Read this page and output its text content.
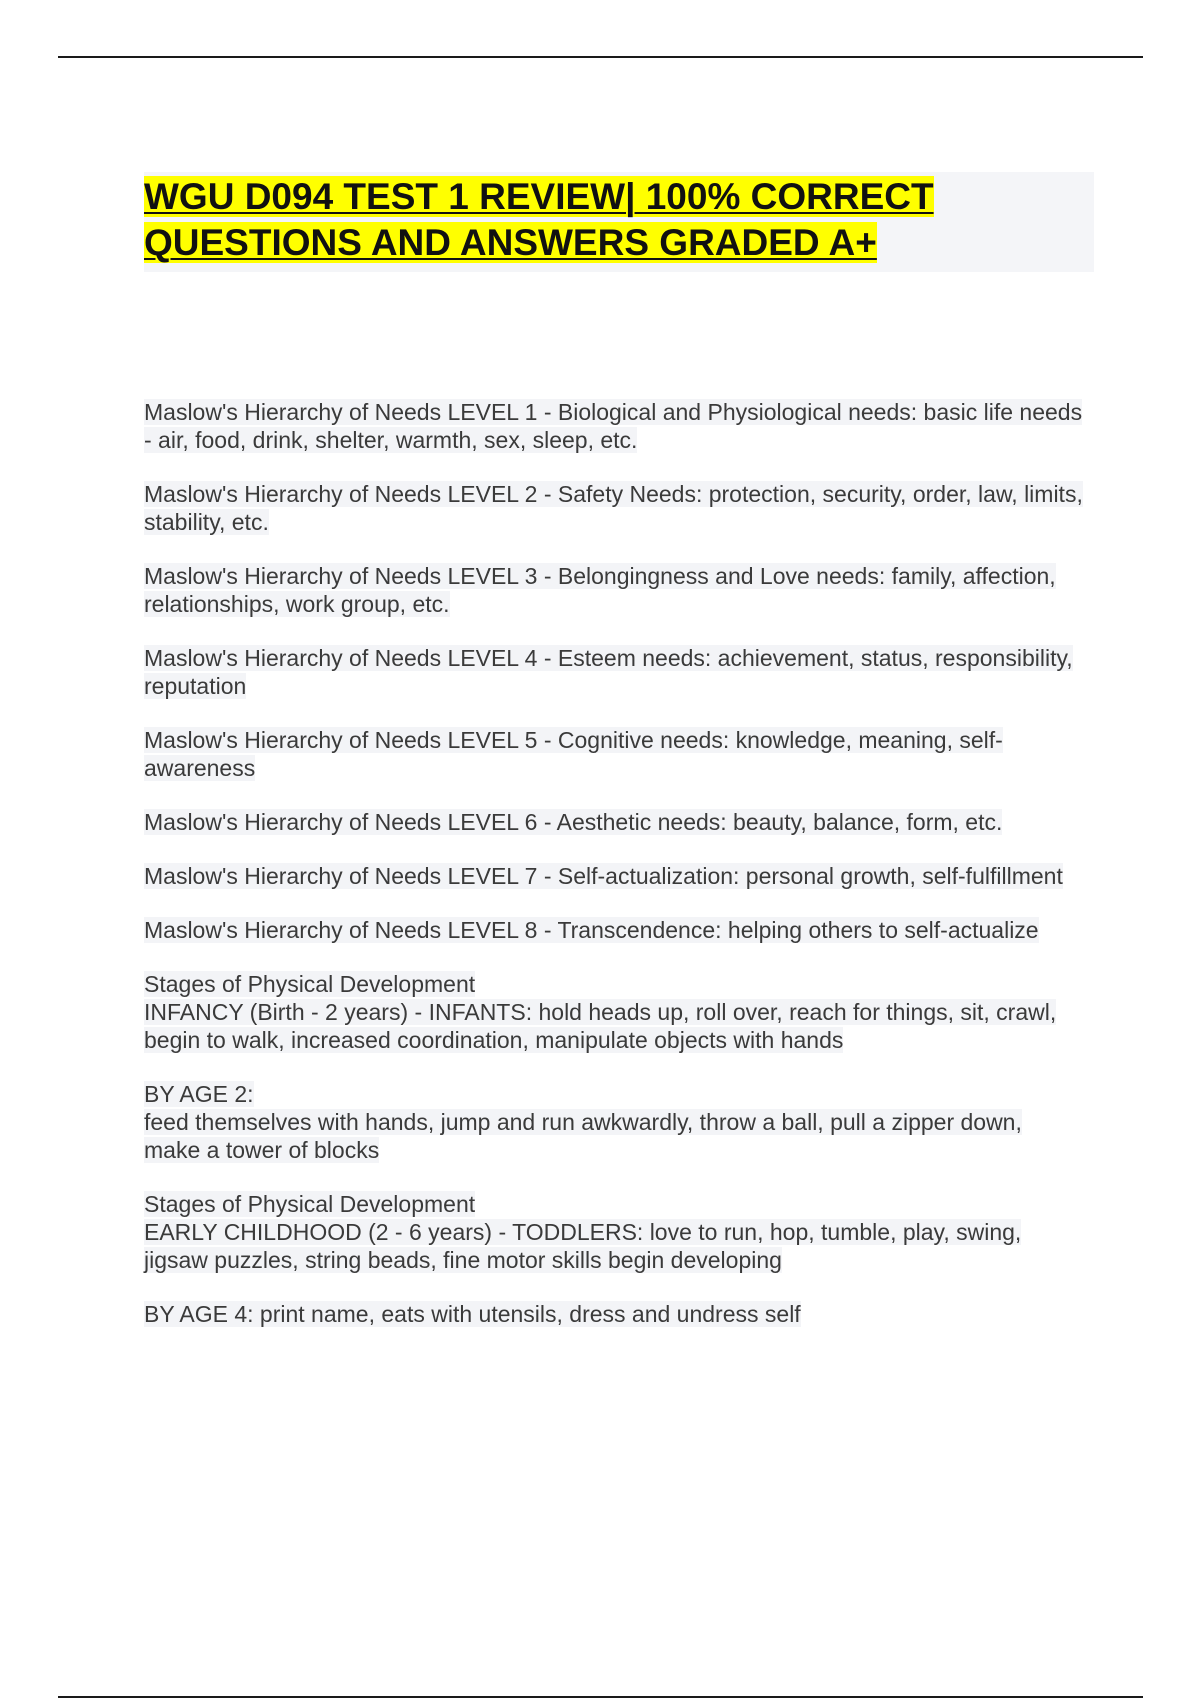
WGU D094 TEST 1 REVIEW| 100% CORRECT
QUESTIONS AND ANSWERS GRADED A+

Maslow's Hierarchy of Needs LEVEL 1 - Biological and Physiological needs: basic life needs - air, food, drink, shelter, warmth, sex, sleep, etc.

Maslow's Hierarchy of Needs LEVEL 2 - Safety Needs: protection, security, order, law, limits, stability, etc.

Maslow's Hierarchy of Needs LEVEL 3 - Belongingness and Love needs: family, affection, relationships, work group, etc.

Maslow's Hierarchy of Needs LEVEL 4 - Esteem needs: achievement, status, responsibility, reputation

Maslow's Hierarchy of Needs LEVEL 5 - Cognitive needs: knowledge, meaning, self-awareness

Maslow's Hierarchy of Needs LEVEL 6 - Aesthetic needs: beauty, balance, form, etc.

Maslow's Hierarchy of Needs LEVEL 7 - Self-actualization: personal growth, self-fulfillment

Maslow's Hierarchy of Needs LEVEL 8 - Transcendence: helping others to self-actualize

Stages of Physical Development
INFANCY (Birth - 2 years) - INFANTS: hold heads up, roll over, reach for things, sit, crawl, begin to walk, increased coordination, manipulate objects with hands

BY AGE 2:
feed themselves with hands, jump and run awkwardly, throw a ball, pull a zipper down, make a tower of blocks

Stages of Physical Development
EARLY CHILDHOOD (2 - 6 years) - TODDLERS: love to run, hop, tumble, play, swing, jigsaw puzzles, string beads, fine motor skills begin developing

BY AGE 4: print name, eats with utensils, dress and undress self
